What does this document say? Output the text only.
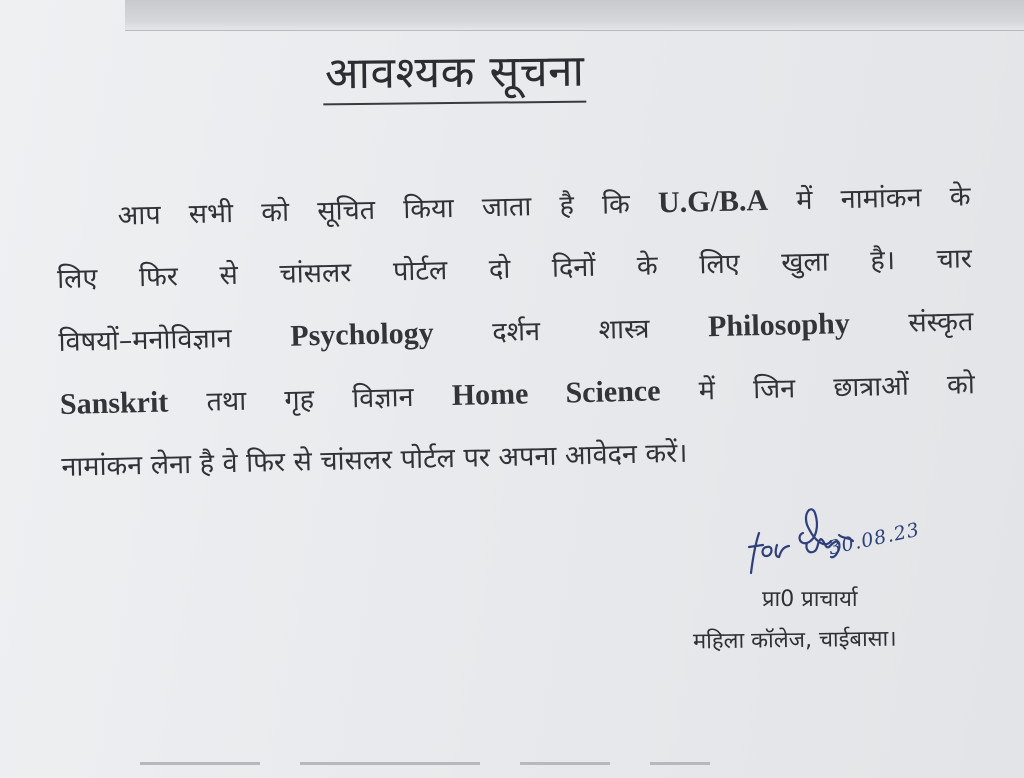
आवश्यक सूचना
आप सभी को सूचित किया जाता है कि U.G/B.A में नामांकन के
लिए फिर से चांसलर पोर्टल दो दिनों के लिए खुला है। चार
विषयों–मनोविज्ञान Psychology दर्शन शास्त्र Philosophy संस्कृत
Sanskrit तथा गृह विज्ञान Home Science में जिन छात्राओं को
नामांकन लेना है वे फिर से चांसलर पोर्टल पर अपना आवेदन करें।
30.08.23
प्रा0 प्राचार्या
महिला कॉलेज, चाईबासा।
